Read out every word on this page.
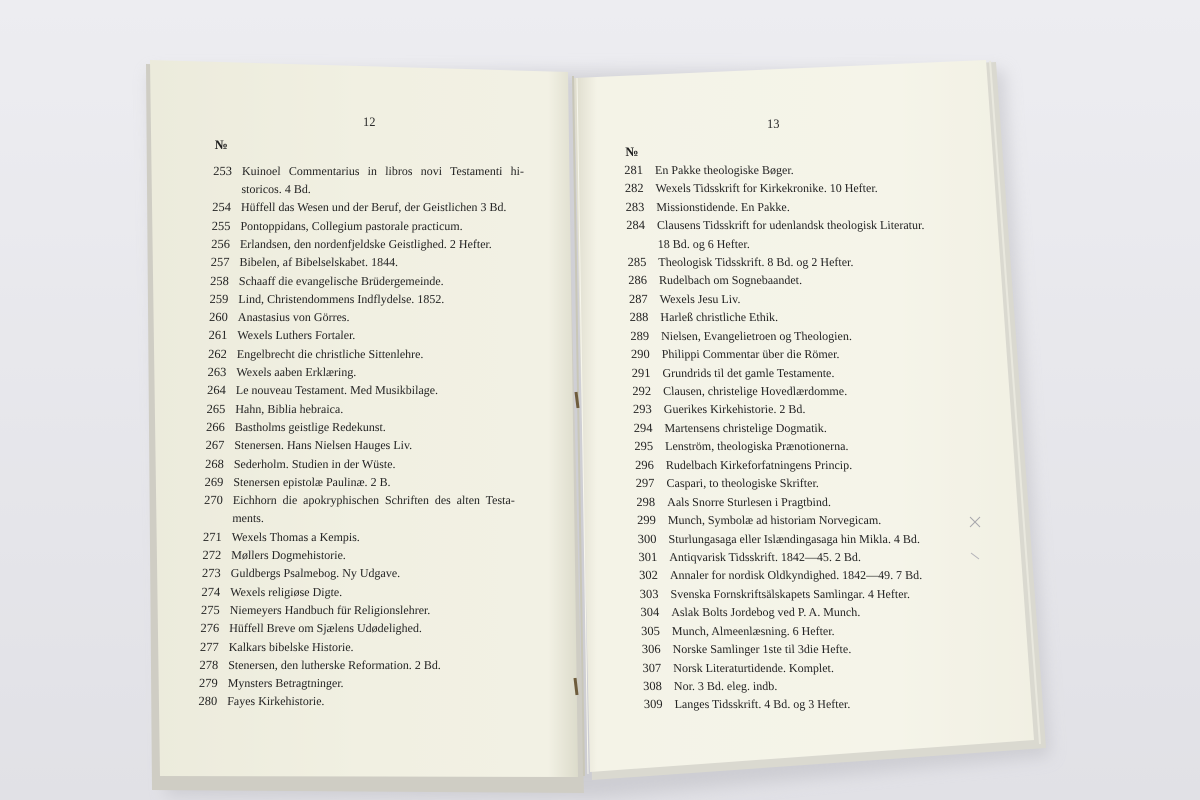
12	13
№
253 Kuinoel Commentarius in libros novi Testamenti hi-
storicos. 4 Bd.
254 Hüffell das Wesen und der Beruf, der Geistlichen 3 Bd.
255 Pontoppidans, Collegium pastorale practicum.
256 Erlandsen, den nordenfjeldske Geistlighed. 2 Hefter.
257 Bibelen, af Bibelselskabet. 1844.
258 Schaaff die evangelische Brüdergemeinde.
259 Lind, Christendommens Indflydelse. 1852.
260 Anastasius von Görres.
261 Wexels Luthers Fortaler.
262 Engelbrecht die christliche Sittenlehre.
263 Wexels aaben Erklæring.
264 Le nouveau Testament. Med Musikbilage.
265 Hahn, Biblia hebraica.
266 Bastholms geistlige Redekunst.
267 Stenersen. Hans Nielsen Hauges Liv.
268 Sederholm. Studien in der Wüste.
269 Stenersen epistolæ Paulinæ. 2 B.
270 Eichhorn die apokryphischen Schriften des alten Testa-
ments.
271 Wexels Thomas a Kempis.
272 Møllers Dogmehistorie.
273 Guldbergs Psalmebog. Ny Udgave.
274 Wexels religiøse Digte.
275 Niemeyers Handbuch für Religionslehrer.
276 Hüffell Breve om Sjælens Udødelighed.
277 Kalkars bibelske Historie.
278 Stenersen, den lutherske Reformation. 2 Bd.
279 Mynsters Betragtninger.
280 Fayes Kirkehistorie.
№
281 En Pakke theologiske Bøger.
282 Wexels Tidsskrift for Kirkekronike. 10 Hefter.
283 Missionstidende. En Pakke.
284 Clausens Tidsskrift for udenlandsk theologisk Literatur.
18 Bd. og 6 Hefter.
285 Theologisk Tidsskrift. 8 Bd. og 2 Hefter.
286 Rudelbach om Sognebaandet.
287 Wexels Jesu Liv.
288 Harleß christliche Ethik.
289 Nielsen, Evangelietroen og Theologien.
290 Philippi Commentar über die Römer.
291 Grundrids til det gamle Testamente.
292 Clausen, christelige Hovedlærdomme.
293 Guerikes Kirkehistorie. 2 Bd.
294 Martensens christelige Dogmatik.
295 Lenström, theologiska Prænotionerna.
296 Rudelbach Kirkeforfatningens Princip.
297 Caspari, to theologiske Skrifter.
298 Aals Snorre Sturlesen i Pragtbind.
299 Munch, Symbolæ ad historiam Norvegicam.
300 Sturlungasaga eller Islændingasaga hin Mikla. 4 Bd.
301 Antiqvarisk Tidsskrift. 1842—45. 2 Bd.
302 Annaler for nordisk Oldkyndighed. 1842—49. 7 Bd.
303 Svenska Fornskriftsälskapets Samlingar. 4 Hefter.
304 Aslak Bolts Jordebog ved P. A. Munch.
305 Munch, Almeenlæsning. 6 Hefter.
306 Norske Samlinger 1ste til 3die Hefte.
307 Norsk Literaturtidende. Komplet.
308 Nor. 3 Bd. eleg. indb.
309 Langes Tidsskrift. 4 Bd. og 3 Hefter.
